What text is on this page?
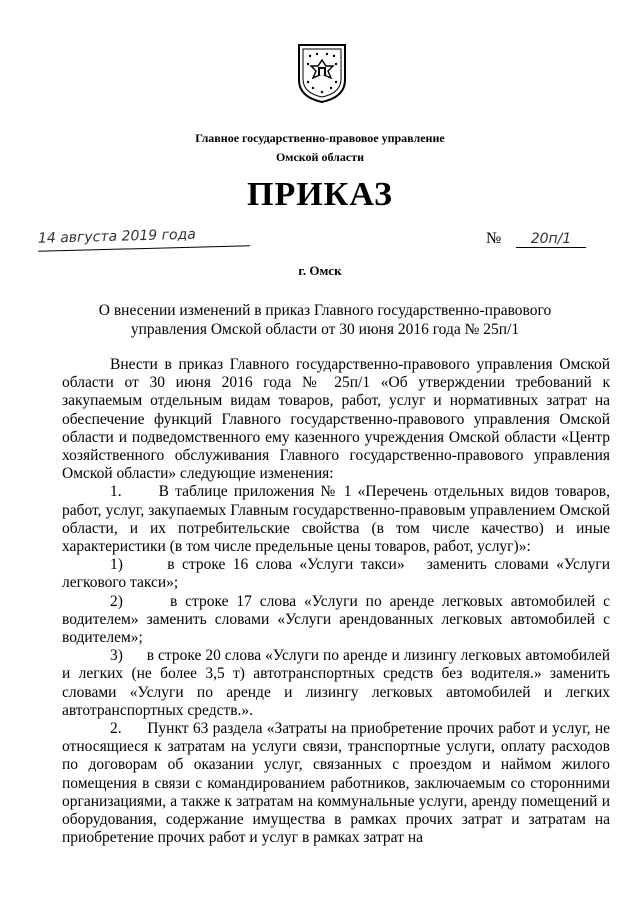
Главное государственно-правовое управление
Омской области
ПРИКАЗ
14 августа 2019 года	№ 20п/1
г. Омск
О внесении изменений в приказ Главного государственно-правового управления Омской области от 30 июня 2016 года № 25п/1

Внести в приказ Главного государственно-правового управления Омской области от 30 июня 2016 года № 25п/1 «Об утверждении требований к закупаемым отдельным видам товаров, работ, услуг и нормативных затрат на обеспечение функций Главного государственно-правового управления Омской области и подведомственного ему казенного учреждения Омской области «Центр хозяйственного обслуживания Главного государственно-правового управления Омской области» следующие изменения:

1.      В таблице приложения № 1 «Перечень отдельных видов товаров, работ, услуг, закупаемых Главным государственно-правовым управлением Омской области, и их потребительские свойства (в том числе качество) и иные характеристики (в том числе предельные цены товаров, работ, услуг)»:

1)      в строке 16 слова «Услуги такси»   заменить словами «Услуги легкового такси»;

2)      в строке 17 слова «Услуги по аренде легковых автомобилей с водителем» заменить словами «Услуги арендованных легковых автомобилей с водителем»;

3)      в строке 20 слова «Услуги по аренде и лизингу легковых автомобилей и легких (не более 3,5 т) автотранспортных средств без водителя.» заменить словами «Услуги по аренде и лизингу легковых автомобилей и легких автотранспортных средств.».

2.      Пункт 63 раздела «Затраты на приобретение прочих работ и услуг, не относящиеся к затратам на услуги связи, транспортные услуги, оплату расходов по договорам об оказании услуг, связанных с проездом и наймом жилого помещения в связи с командированием работников, заключаемым со сторонними организациями, а также к затратам на коммунальные услуги, аренду помещений и оборудования, содержание имущества в рамках прочих затрат и затратам на приобретение прочих работ и услуг в рамках затрат на
